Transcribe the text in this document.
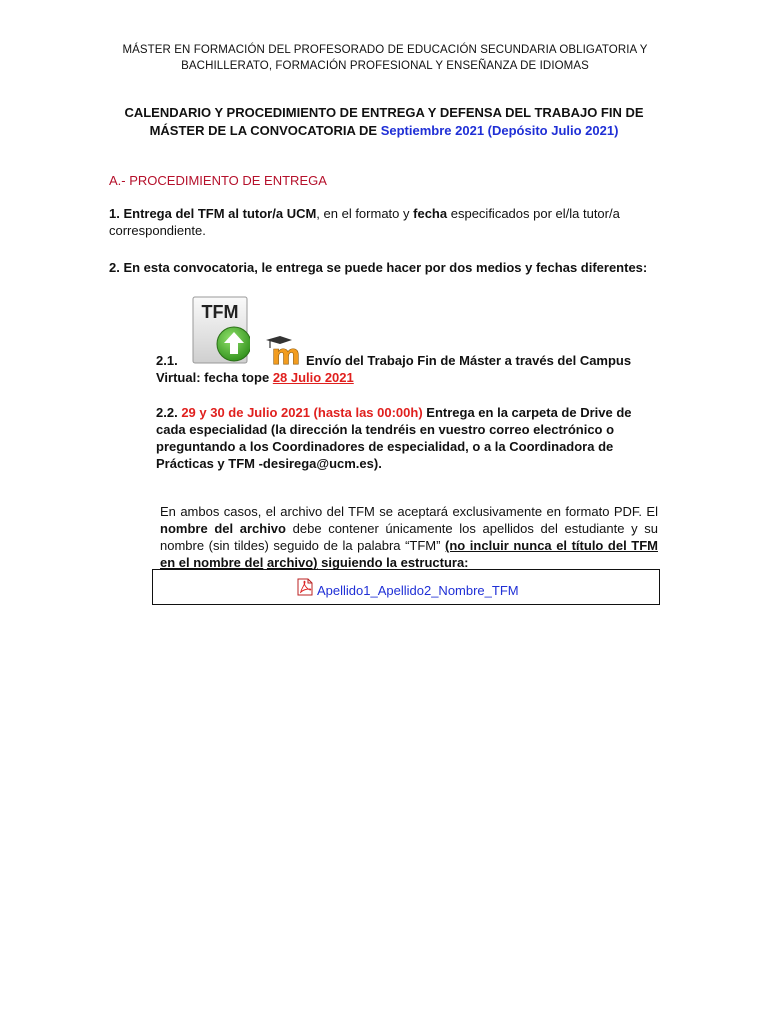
MÁSTER EN FORMACIÓN DEL PROFESORADO DE EDUCACIÓN SECUNDARIA OBLIGATORIA Y
BACHILLERATO, FORMACIÓN PROFESIONAL Y ENSEÑANZA DE IDIOMAS
CALENDARIO Y PROCEDIMIENTO DE ENTREGA Y DEFENSA DEL TRABAJO FIN DE
MÁSTER DE LA CONVOCATORIA DE Septiembre 2021 (Depósito Julio 2021)
A.- PROCEDIMIENTO DE ENTREGA
1. Entrega del TFM al tutor/a UCM, en el formato y fecha especificados por el/la tutor/a correspondiente.
2. En esta convocatoria, le entrega se puede hacer por dos medios y fechas diferentes:
TFM
m
2.1.	Envío del Trabajo Fin de Máster a través del Campus Virtual: fecha tope 28 Julio 2021
2.2. 29 y 30 de Julio 2021 (hasta las 00:00h) Entrega en la carpeta de Drive de cada especialidad (la dirección la tendréis en vuestro correo electrónico o preguntando a los Coordinadores de especialidad, o a la Coordinadora de Prácticas y TFM -desirega@ucm.es).
En ambos casos, el archivo del TFM se aceptará exclusivamente en formato PDF. El nombre del archivo debe contener únicamente los apellidos del estudiante y su nombre (sin tildes) seguido de la palabra “TFM” (no incluir nunca el título del TFM en el nombre del archivo) siguiendo la estructura:
Apellido1_Apellido2_Nombre_TFM
